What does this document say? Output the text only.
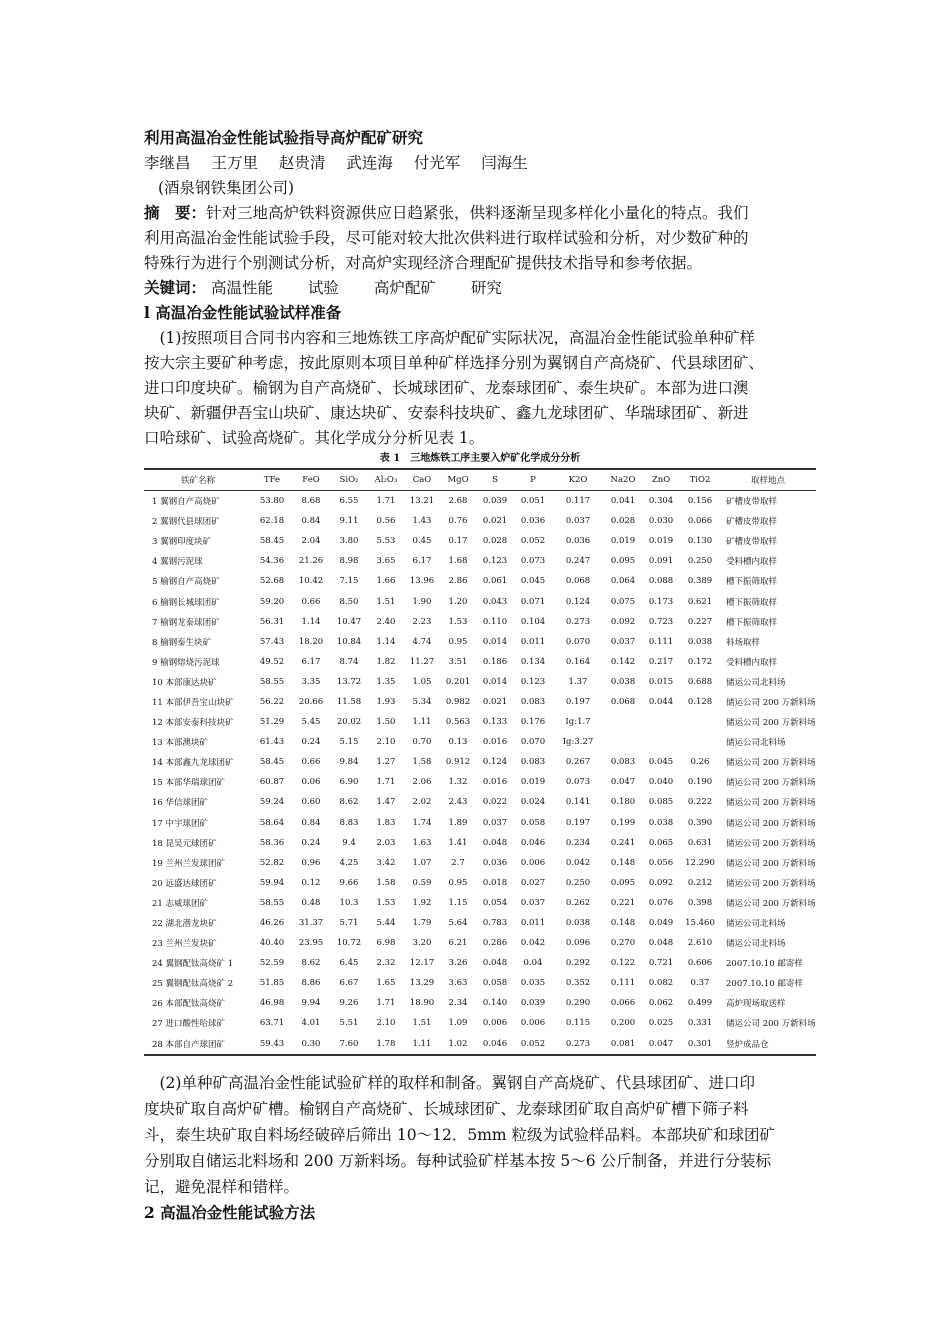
利用高温冶金性能试验指导高炉配矿研究
李继昌 王万里 赵贵清 武连海 付光军 闫海生
(酒泉钢铁集团公司)
摘　要：针对三地高炉铁料资源供应日趋紧张，供料逐渐呈现多样化小量化的特点。我们
利用高温冶金性能试验手段，尽可能对较大批次供料进行取样试验和分析，对少数矿种的
特殊行为进行个别测试分析，对高炉实现经济合理配矿提供技术指导和参考依据。
关键词： 高温性能 试验 高炉配矿 研究
l 高温冶金性能试验试样准备
　(1)按照项目合同书内容和三地炼铁工序高炉配矿实际状况，高温冶金性能试验单种矿样
按大宗主要矿种考虑，按此原则本项目单种矿样选择分别为翼钢自产高烧矿、代县球团矿、
进口印度块矿。榆钢为自产高烧矿、长城球团矿、龙泰球团矿、泰生块矿。本部为进口澳
块矿、新疆伊吾宝山块矿、康达块矿、安泰科技块矿、鑫九龙球团矿、华瑞球团矿、新进
口哈球矿、试验高烧矿。其化学成分分析见表 1。
表 1　三地炼铁工序主要入炉矿化学成分分析
铁矿名称	TFe	FeO	SiO₂	Al₂O₃	CaO	MgO	S	P	K2O	Na2O	ZnO	TiO2	取样地点
1 翼钢自产高烧矿	53.80	8.68	6.55	1.71	13.21	2.68	0.039	0.051	0.117	0.041	0.304	0.156	矿槽皮带取样
2 翼钢代县球团矿	62.18	0.84	9.11	0.56	1.43	0.76	0.021	0.036	0.037	0.028	0.030	0.066	矿槽皮带取样
3 翼钢印度块矿	58.45	2.04	3.80	5.53	0.45	0.17	0.028	0.052	0.036	0.019	0.019	0.130	矿槽皮带取样
4 翼钢污泥球	54.36	21.26	8.98	3.65	6.17	1.68	0.123	0.073	0.247	0.095	0.091	0.250	受料槽内取样
5 榆钢自产高烧矿	52.68	10.42	7.15	1.66	13.96	2.86	0.061	0.045	0.068	0.064	0.088	0.389	槽下振筛取样
6 榆钢长城球团矿	59.20	0.66	8.50	1.51	1.90	1.20	0.043	0.071	0.124	0.075	0.173	0.621	槽下振筛取样
7 榆钢龙泰球团矿	56.31	1.14	10.47	2.40	2.23	1.53	0.110	0.104	0.273	0.092	0.723	0.227	槽下振筛取样
8 榆钢泰生块矿	57.43	18.20	10.84	1.14	4.74	0.95	0.014	0.011	0.070	0.037	0.111	0.038	料场取样
9 榆钢熔烧污泥球	49.52	6.17	8.74	1.82	11.27	3.51	0.186	0.134	0.164	0.142	0.217	0.172	受料槽内取样
10 本部康达块矿	58.55	3.35	13.72	1.35	1.05	0.201	0.014	0.123	1.37	0.038	0.015	0.688	储运公司北料场
11 本部伊吾宝山块矿	56.22	20.66	11.58	1.93	5.34	0.982	0.021	0.083	0.197	0.068	0.044	0.128	储运公司 200 万新料场
12 本部安泰科技块矿	51.29	5.45	20.02	1.50	1.11	0.563	0.133	0.176	Ig:1.7				储运公司 200 万新料场
13 本部澳块矿	61.43	0.24	5.15	2.10	0.70	0.13	0.016	0.070	Ig:3.27				储运公司北料场
14 本部鑫九龙球团矿	58.45	0.66	9.84	1.27	1.58	0.912	0.124	0.083	0.267	0.083	0.045	0.26	储运公司 200 万新料场
15 本部华瑞球团矿	60.87	0.06	6.90	1.71	2.06	1.32	0.016	0.019	0.073	0.047	0.040	0.190	储运公司 200 万新料场
16 华信球团矿	59.24	0.60	8.62	1.47	2.02	2.43	0.022	0.024	0.141	0.180	0.085	0.222	储运公司 200 万新料场
17 中宇球团矿	58.64	0.84	8.83	1.83	1.74	1.89	0.037	0.058	0.197	0.199	0.038	0.390	储运公司 200 万新料场
18 昆吴元球团矿	58.36	0.24	9.4	2.03	1.63	1.41	0.048	0.046	0.234	0.241	0.065	0.631	储运公司 200 万新料场
19 兰州兰发球团矿	52.82	0.96	4.25	3.42	1.07	2.7	0.036	0.006	0.042	0.148	0.056	12.290	储运公司 200 万新料场
20 远盛达球团矿	59.94	0.12	9.66	1.58	0.59	0.95	0.018	0.027	0.250	0.095	0.092	0.212	储运公司 200 万新料场
21 志威球团矿	58.55	0.48	10.3	1.53	1.92	1.15	0.054	0.037	0.262	0.221	0.076	0.398	储运公司 200 万新料场
22 湖北潜龙块矿	46.26	31.37	5.71	5.44	1.79	5.64	0.783	0.011	0.038	0.148	0.049	15.460	储运公司北料场
23 兰州兰发块矿	40.40	23.95	10.72	6.98	3.20	6.21	0.286	0.042	0.096	0.270	0.048	2.610	储运公司北料场
24 翼钢配钛高烧矿 1	52.59	8.62	6.45	2.32	12.17	3.26	0.048	0.04	0.292	0.122	0.721	0.606	2007.10.10 邮寄样
25 翼钢配钛高烧矿 2	51.85	8.86	6.67	1.65	13.29	3.63	0.058	0.035	0.352	0.111	0.082	0.37	2007.10.10 邮寄样
26 本部配钛高烧矿	46.98	9.94	9.26	1.71	18.90	2.34	0.140	0.039	0.290	0.066	0.062	0.499	高炉现场取送样
27 进口酸性哈球矿	63.71	4.01	5.51	2.10	1.51	1.09	0.006	0.006	0.115	0.200	0.025	0.331	储运公司 200 万新料场
28 本部自产球团矿	59.43	0.30	7.60	1.78	1.11	1.02	0.046	0.052	0.273	0.081	0.047	0.301	竖炉成品仓
　(2)单种矿高温冶金性能试验矿样的取样和制备。翼钢自产高烧矿、代县球团矿、进口印
度块矿取自高炉矿槽。榆钢自产高烧矿、长城球团矿、龙泰球团矿取自高炉矿槽下筛子料
斗，泰生块矿取自料场经破碎后筛出 10～12．5mm 粒级为试验样品料。本部块矿和球团矿
分别取自储运北料场和 200 万新料场。每种试验矿样基本按 5～6 公斤制备，并进行分装标
记，避免混样和错样。
2 高温冶金性能试验方法
